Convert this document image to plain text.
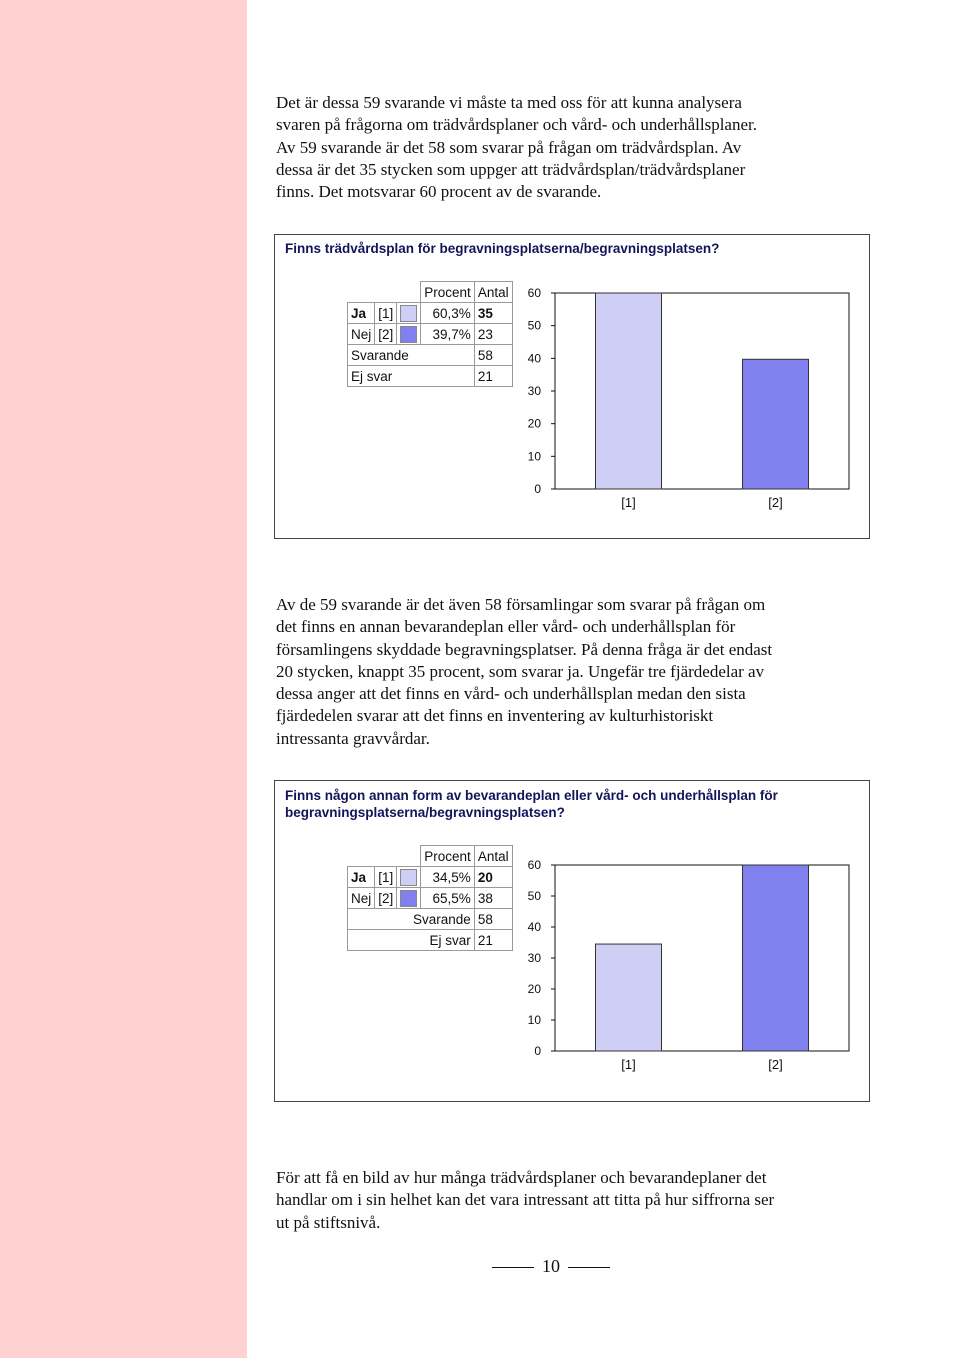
Det är dessa 59 svarande vi måste ta med oss för att kunna analysera
svaren på frågorna om trädvårdsplaner och vård- och underhållsplaner.
Av 59 svarande är det 58 som svarar på frågan om trädvårdsplan. Av
dessa är det 35 stycken som uppger att trädvårdsplan/trädvårdsplaner
finns. Det motsvarar 60 procent av de svarande.
Finns trädvårdsplan för begravningsplatserna/begravningsplatsen?
			Procent	Antal
Ja	[1]		60,3%	35
Nej	[2]		39,7%	23
Svarande				58
Ej svar				21
0
10
20
30
40
50
60
[1]	[2]
Av de 59 svarande är det även 58 församlingar som svarar på frågan om
det finns en annan bevarandeplan eller vård- och underhållsplan för
församlingens skyddade begravningsplatser. På denna fråga är det endast
20 stycken, knappt 35 procent, som svarar ja. Ungefär tre fjärdedelar av
dessa anger att det finns en vård- och underhållsplan medan den sista
fjärdedelen svarar att det finns en inventering av kulturhistoriskt
intressanta gravvårdar.
Finns någon annan form av bevarandeplan eller vård- och underhållsplan för
begravningsplatserna/begravningsplatsen?
			Procent	Antal
Ja	[1]		34,5%	20
Nej	[2]		65,5%	38
Svarande				58
Ej svar				21
0
10
20
30
40
50
60
[1]	[2]
För att få en bild av hur många trädvårdsplaner och bevarandeplaner det
handlar om i sin helhet kan det vara intressant att titta på hur siffrorna ser
ut på stiftsnivå.
10
